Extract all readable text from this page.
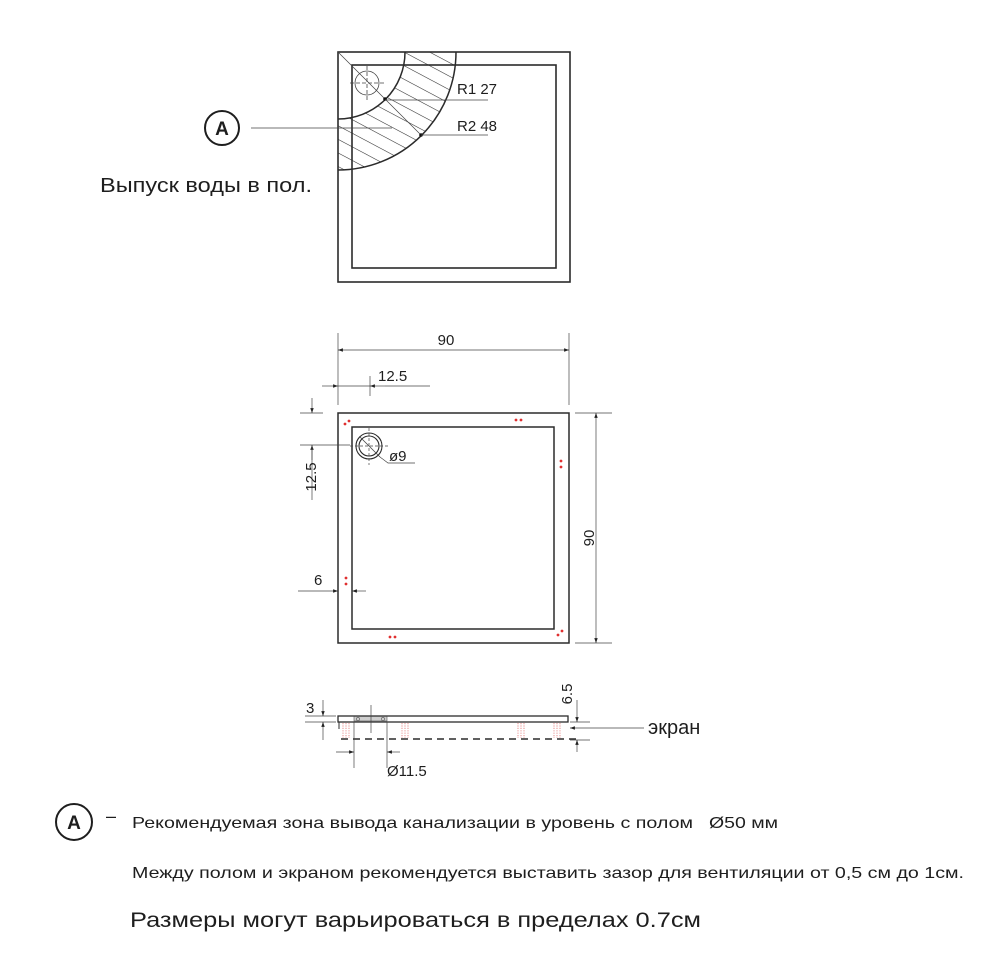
R1 27
R2 48
A
Выпуск воды в пол.
ø9
90
12.5
12.5
90
6
3
Ø11.5
6.5
экран
A – Рекомендуемая зона вывода канализации в уровень с полом Ø50 мм
Между полом и экраном рекомендуется выставить зазор для вентиляции от 0,5 см до 1см.
Размеры могут варьироваться в пределах 0.7см
